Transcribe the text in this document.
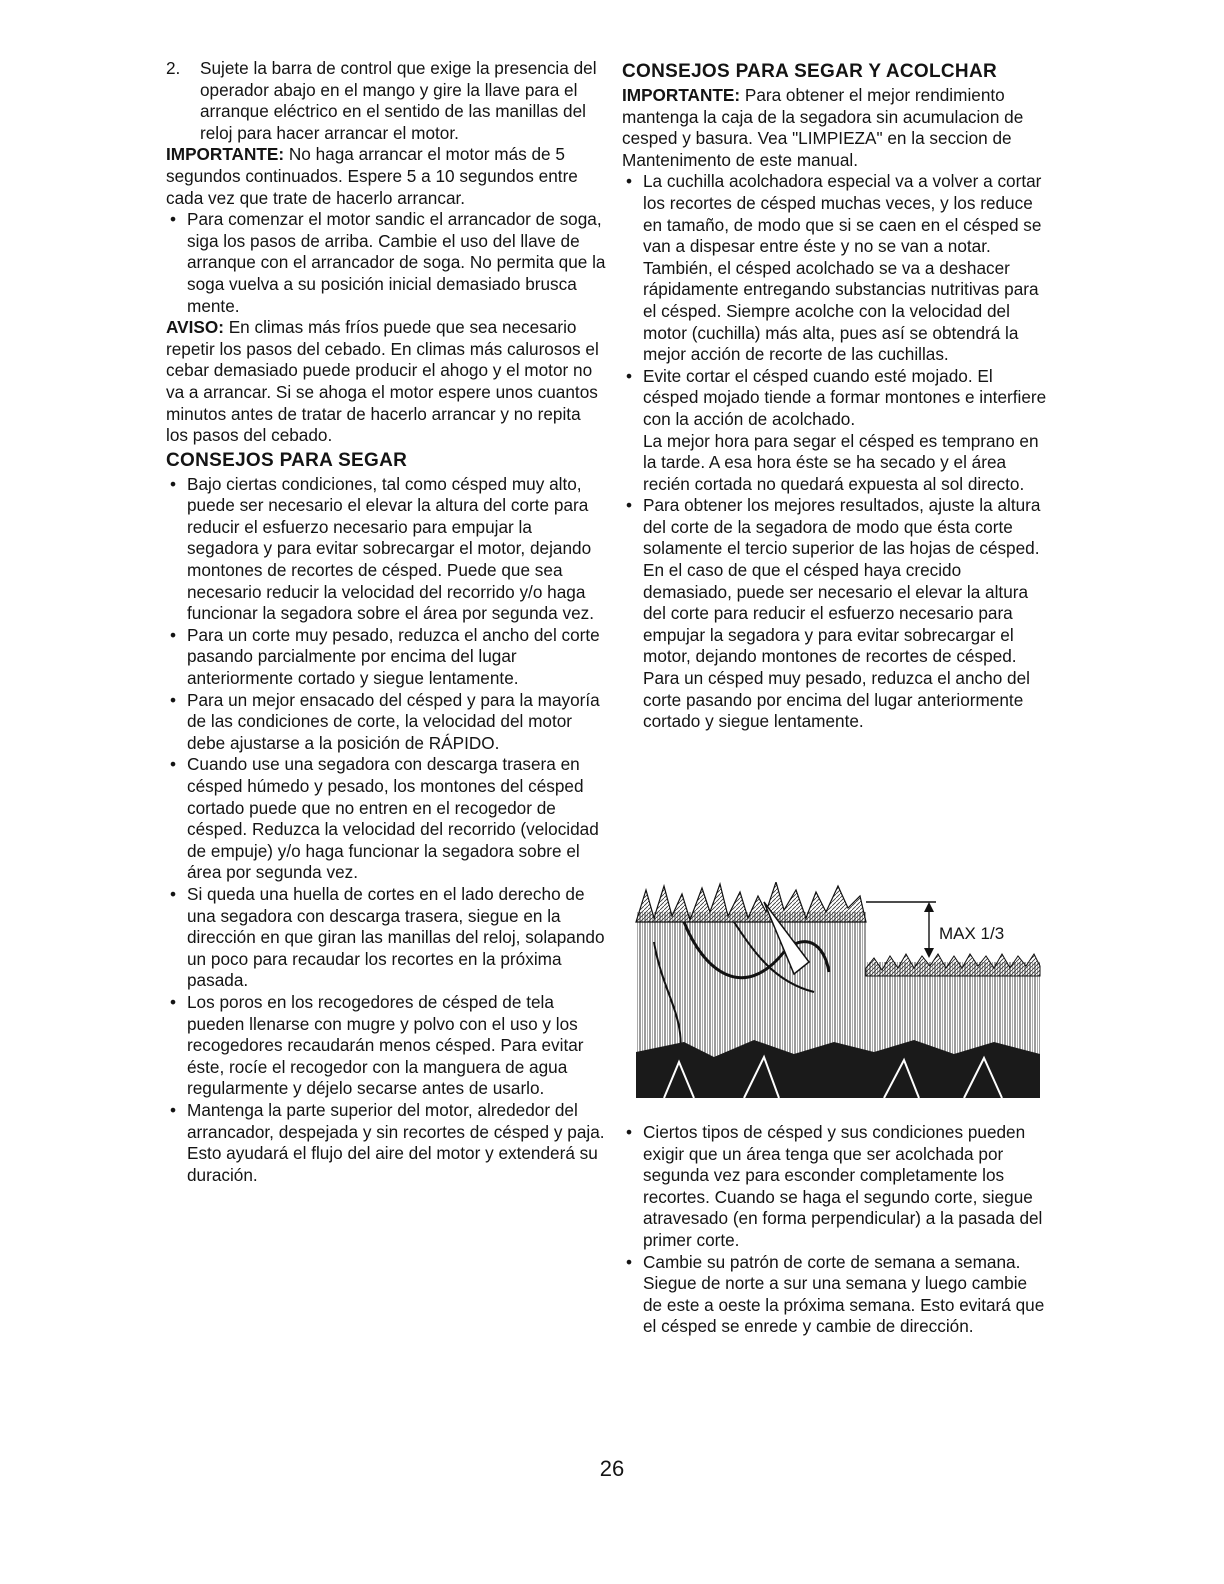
2.	Sujete la barra de control que exige la presencia del operador abajo en el mango y gire la llave para el arranque eléctrico en el sentido de las manillas del reloj para hacer arrancar el motor.

IMPORTANTE: No haga arrancar el motor más de 5 segundos continuados. Espere 5 a 10 segundos entre cada vez que trate de hacerlo arrancar.

• Para comenzar el motor sandic el arrancador de soga, siga los pasos de arriba. Cambie el uso del llave de arranque con el arrancador de soga. No permita que la soga vuelva a su posición inicial demasiado brusca mente.

AVISO: En climas más fríos puede que sea necesario repetir los pasos del cebado. En climas más calurosos el cebar demasiado puede producir el ahogo y el motor no va a arrancar. Si se ahoga el motor espere unos cuantos minutos antes de tratar de hacerlo arrancar y no repita los pasos del cebado.

CONSEJOS PARA SEGAR
• Bajo ciertas condiciones, tal como césped muy alto, puede ser necesario el elevar la altura del corte para reducir el esfuerzo necesario para empujar la segadora y para evitar sobrecargar el motor, dejando montones de recortes de césped. Puede que sea necesario reducir la velocidad del recorrido y/o haga funcionar la segadora sobre el área por segunda vez.
• Para un corte muy pesado, reduzca el ancho del corte pasando parcialmente por encima del lugar anteriormente cortado y siegue lentamente.
• Para un mejor ensacado del césped y para la mayoría de las condiciones de corte, la velocidad del motor debe ajustarse a la posición de RÁPIDO.
• Cuando use una segadora con descarga trasera en césped húmedo y pesado, los montones del césped cortado puede que no entren en el recogedor de césped. Reduzca la velocidad del recorrido (velocidad de empuje) y/o haga funcionar la segadora sobre el área por segunda vez.
• Si queda una huella de cortes en el lado derecho de una segadora con descarga trasera, siegue en la dirección en que giran las manillas del reloj, solapando un poco para recaudar los recortes en la próxima pasada.
• Los poros en los recogedores de césped de tela pueden llenarse con mugre y polvo con el uso y los recogedores recaudarán menos césped. Para evitar éste, rocíe el recogedor con la manguera de agua regularmente y déjelo secarse antes de usarlo.
• Mantenga la parte superior del motor, alrededor del arrancador, despejada y sin recortes de césped y paja. Esto ayudará el flujo del aire del motor y extenderá su duración.
CONSEJOS PARA SEGAR Y ACOLCHAR

IMPORTANTE: Para obtener el mejor rendimiento mantenga la caja de la segadora sin acumulacion de cesped y basura. Vea "LIMPIEZA" en la seccion de Mantenimento de este manual.

• La cuchilla acolchadora especial va a volver a cortar los recortes de césped muchas veces, y los reduce en tamaño, de modo que si se caen en el césped se van a dispesar entre éste y no se van a notar. También, el césped acolchado se va a deshacer rápidamente entregando substancias nutritivas para el césped. Siempre acolche con la velocidad del motor (cuchilla) más alta, pues así se obtendrá la mejor acción de recorte de las cuchillas.
• Evite cortar el césped cuando esté mojado. El césped mojado tiende a formar montones e interfiere con la acción de acolchado.
La mejor hora para segar el césped es temprano en la tarde. A esa hora éste se ha secado y el área recién cortada no quedará expuesta al sol directo.
• Para obtener los mejores resultados, ajuste la altura del corte de la segadora de modo que ésta corte solamente el tercio superior de las hojas de césped. En el caso de que el césped haya crecido demasiado, puede ser necesario el elevar la altura del corte para reducir el esfuerzo necesario para empujar la segadora y para evitar sobrecargar el motor, dejando montones de recortes de césped.
Para un césped muy pesado, reduzca el ancho del corte pasando por encima del lugar anteriormente cortado y siegue lentamente.
MAX 1/3
• Ciertos tipos de césped y sus condiciones pueden exigir que un área tenga que ser acolchada por segunda vez para esconder completamente los recortes. Cuando se haga el segundo corte, siegue atravesado (en forma perpendicular) a la pasada del primer corte.
• Cambie su patrón de corte de semana a semana. Siegue de norte a sur una semana y luego cambie de este a oeste la próxima semana. Esto evitará que el césped se enrede y cambie de dirección.
26
